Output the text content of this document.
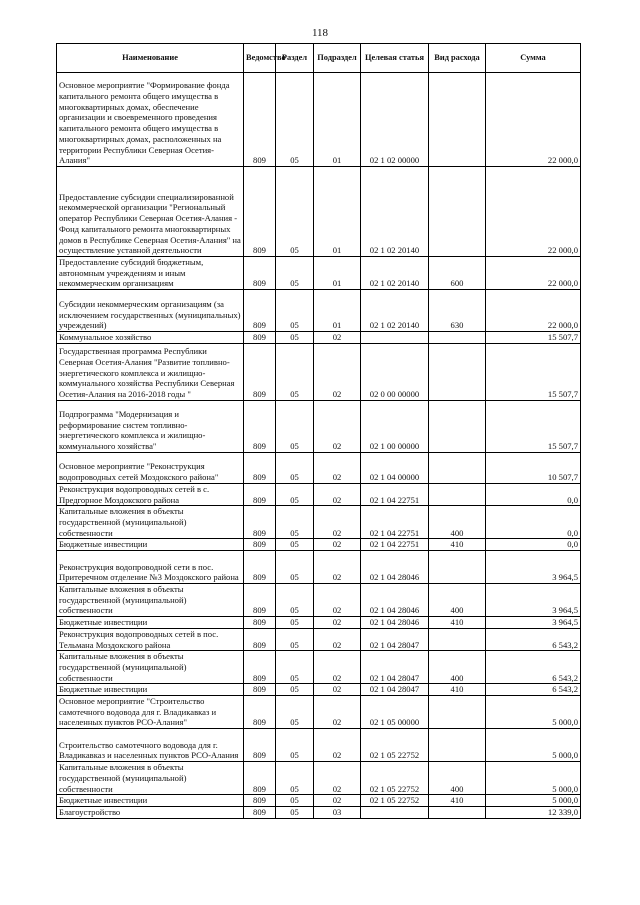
118
Наименование	Ведомство	Раздел	Подраздел	Целевая статья	Вид расхода	Сумма
Основное мероприятие "Формирование фонда капитального ремонта общего имущества в многоквартирных домах, обеспечение организации и своевременного проведения капитального ремонта общего имущества в многоквартирных домах, расположенных на территории Республики Северная Осетия-Алания"	809	05	01	02 1 02 00000		22 000,0
Предоставление субсидии специализированной некоммерческой организации "Региональный оператор Республики Северная Осетия-Алания - Фонд капитального ремонта многоквартирных домов в Республике Северная Осетия-Алания" на осуществление уставной деятельности	809	05	01	02 1 02 20140		22 000,0
Предоставление субсидий бюджетным, автономным учреждениям и иным некоммерческим организациям	809	05	01	02 1 02 20140	600	22 000,0
Субсидии некоммерческим организациям (за исключением государственных (муниципальных) учреждений)	809	05	01	02 1 02 20140	630	22 000,0
Коммунальное хозяйство	809	05	02			15 507,7
Государственная программа Республики Северная Осетия-Алания "Развитие топливно-энергетического комплекса и жилищно-коммунального хозяйства Республики Северная Осетия-Алания на 2016-2018 годы "	809	05	02	02 0 00 00000		15 507,7
Подпрограмма "Модернизация и реформирование систем топливно-энергетического комплекса и жилищно-коммунального хозяйства"	809	05	02	02 1 00 00000		15 507,7
Основное мероприятие "Реконструкция водопроводных сетей Моздокского района"	809	05	02	02 1 04 00000		10 507,7
Реконструкция водопроводных сетей в с. Предгорное Моздокского района	809	05	02	02 1 04 22751		0,0
Капитальные вложения в объекты государственной (муниципальной) собственности	809	05	02	02 1 04 22751	400	0,0
Бюджетные инвестиции	809	05	02	02 1 04 22751	410	0,0
Реконструкция водопроводной сети в пос. Притеречном отделение №3 Моздокского района	809	05	02	02 1 04 28046		3 964,5
Капитальные вложения в объекты государственной (муниципальной) собственности	809	05	02	02 1 04 28046	400	3 964,5
Бюджетные инвестиции	809	05	02	02 1 04 28046	410	3 964,5
Реконструкция водопроводных сетей в пос. Тельмана Моздокского района	809	05	02	02 1 04 28047		6 543,2
Капитальные вложения в объекты государственной (муниципальной) собственности	809	05	02	02 1 04 28047	400	6 543,2
Бюджетные инвестиции	809	05	02	02 1 04 28047	410	6 543,2
Основное мероприятие "Строительство самотечного водовода для г. Владикавказ и населенных пунктов РСО-Алания"	809	05	02	02 1 05 00000		5 000,0
Строительство самотечного водовода для г. Владикавказ и населенных пунктов РСО-Алания	809	05	02	02 1 05 22752		5 000,0
Капитальные вложения в объекты государственной (муниципальной) собственности	809	05	02	02 1 05 22752	400	5 000,0
Бюджетные инвестиции	809	05	02	02 1 05 22752	410	5 000,0
Благоустройство	809	05	03			12 339,0
